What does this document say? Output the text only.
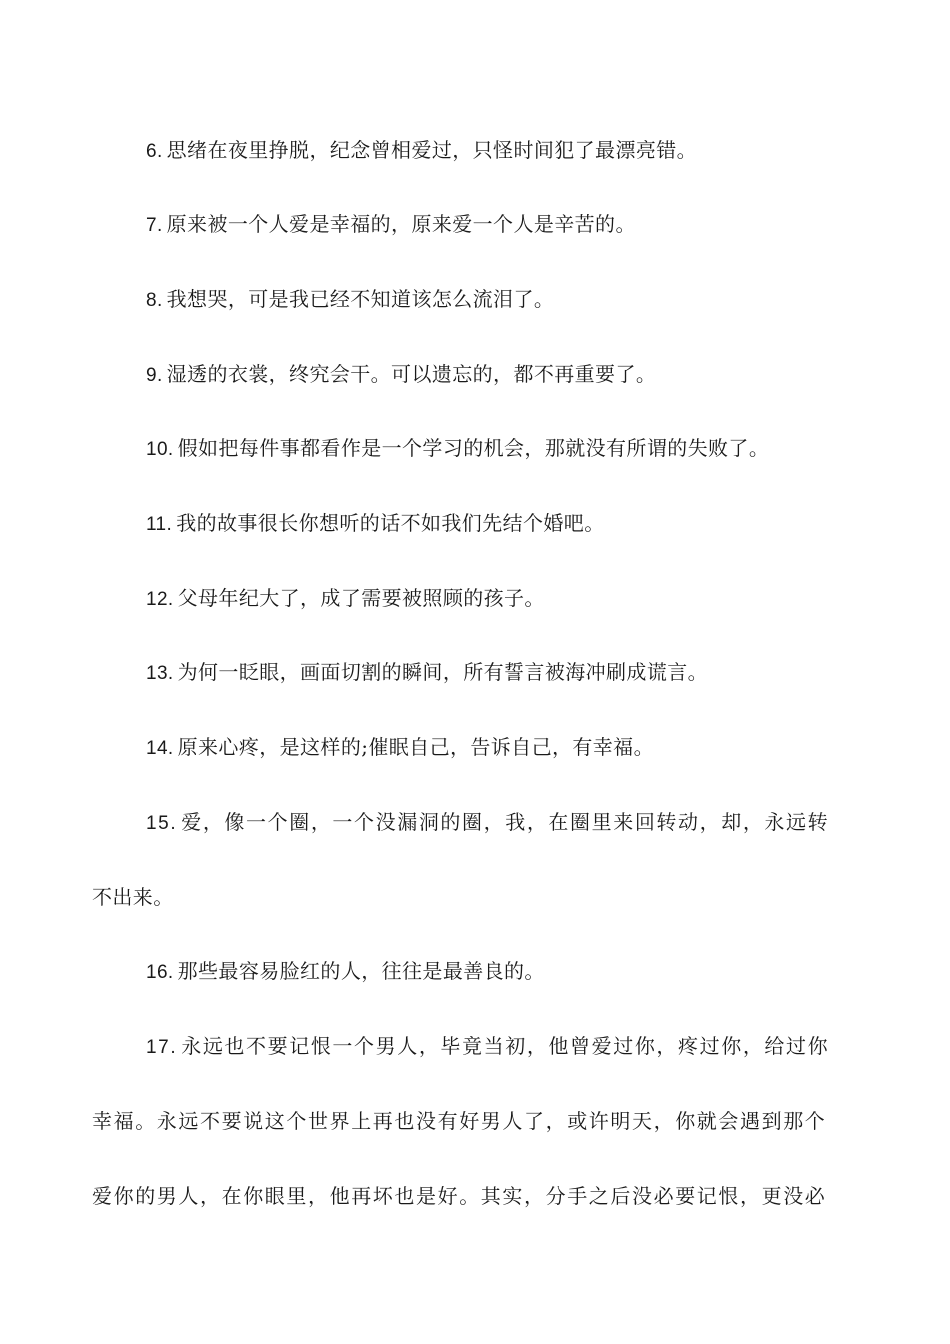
6. 思绪在夜里挣脱，纪念曾相爱过，只怪时间犯了最漂亮错。
7. 原来被一个人爱是幸福的，原来爱一个人是辛苦的。
8. 我想哭，可是我已经不知道该怎么流泪了。
9. 湿透的衣裳，终究会干。可以遗忘的，都不再重要了。
10. 假如把每件事都看作是一个学习的机会，那就没有所谓的失败了。
11. 我的故事很长你想听的话不如我们先结个婚吧。
12. 父母年纪大了，成了需要被照顾的孩子。
13. 为何一眨眼，画面切割的瞬间，所有誓言被海冲刷成谎言。
14. 原来心疼，是这样的;催眠自己，告诉自己，有幸福。
15. 爱，像一个圈，一个没漏洞的圈，我，在圈里来回转动，却，永远转
不出来。
16. 那些最容易脸红的人，往往是最善良的。
17. 永远也不要记恨一个男人，毕竟当初，他曾爱过你，疼过你，给过你
幸福。永远不要说这个世界上再也没有好男人了，或许明天，你就会遇到那个
爱你的男人，在你眼里，他再坏也是好。其实，分手之后没必要记恨，更没必
